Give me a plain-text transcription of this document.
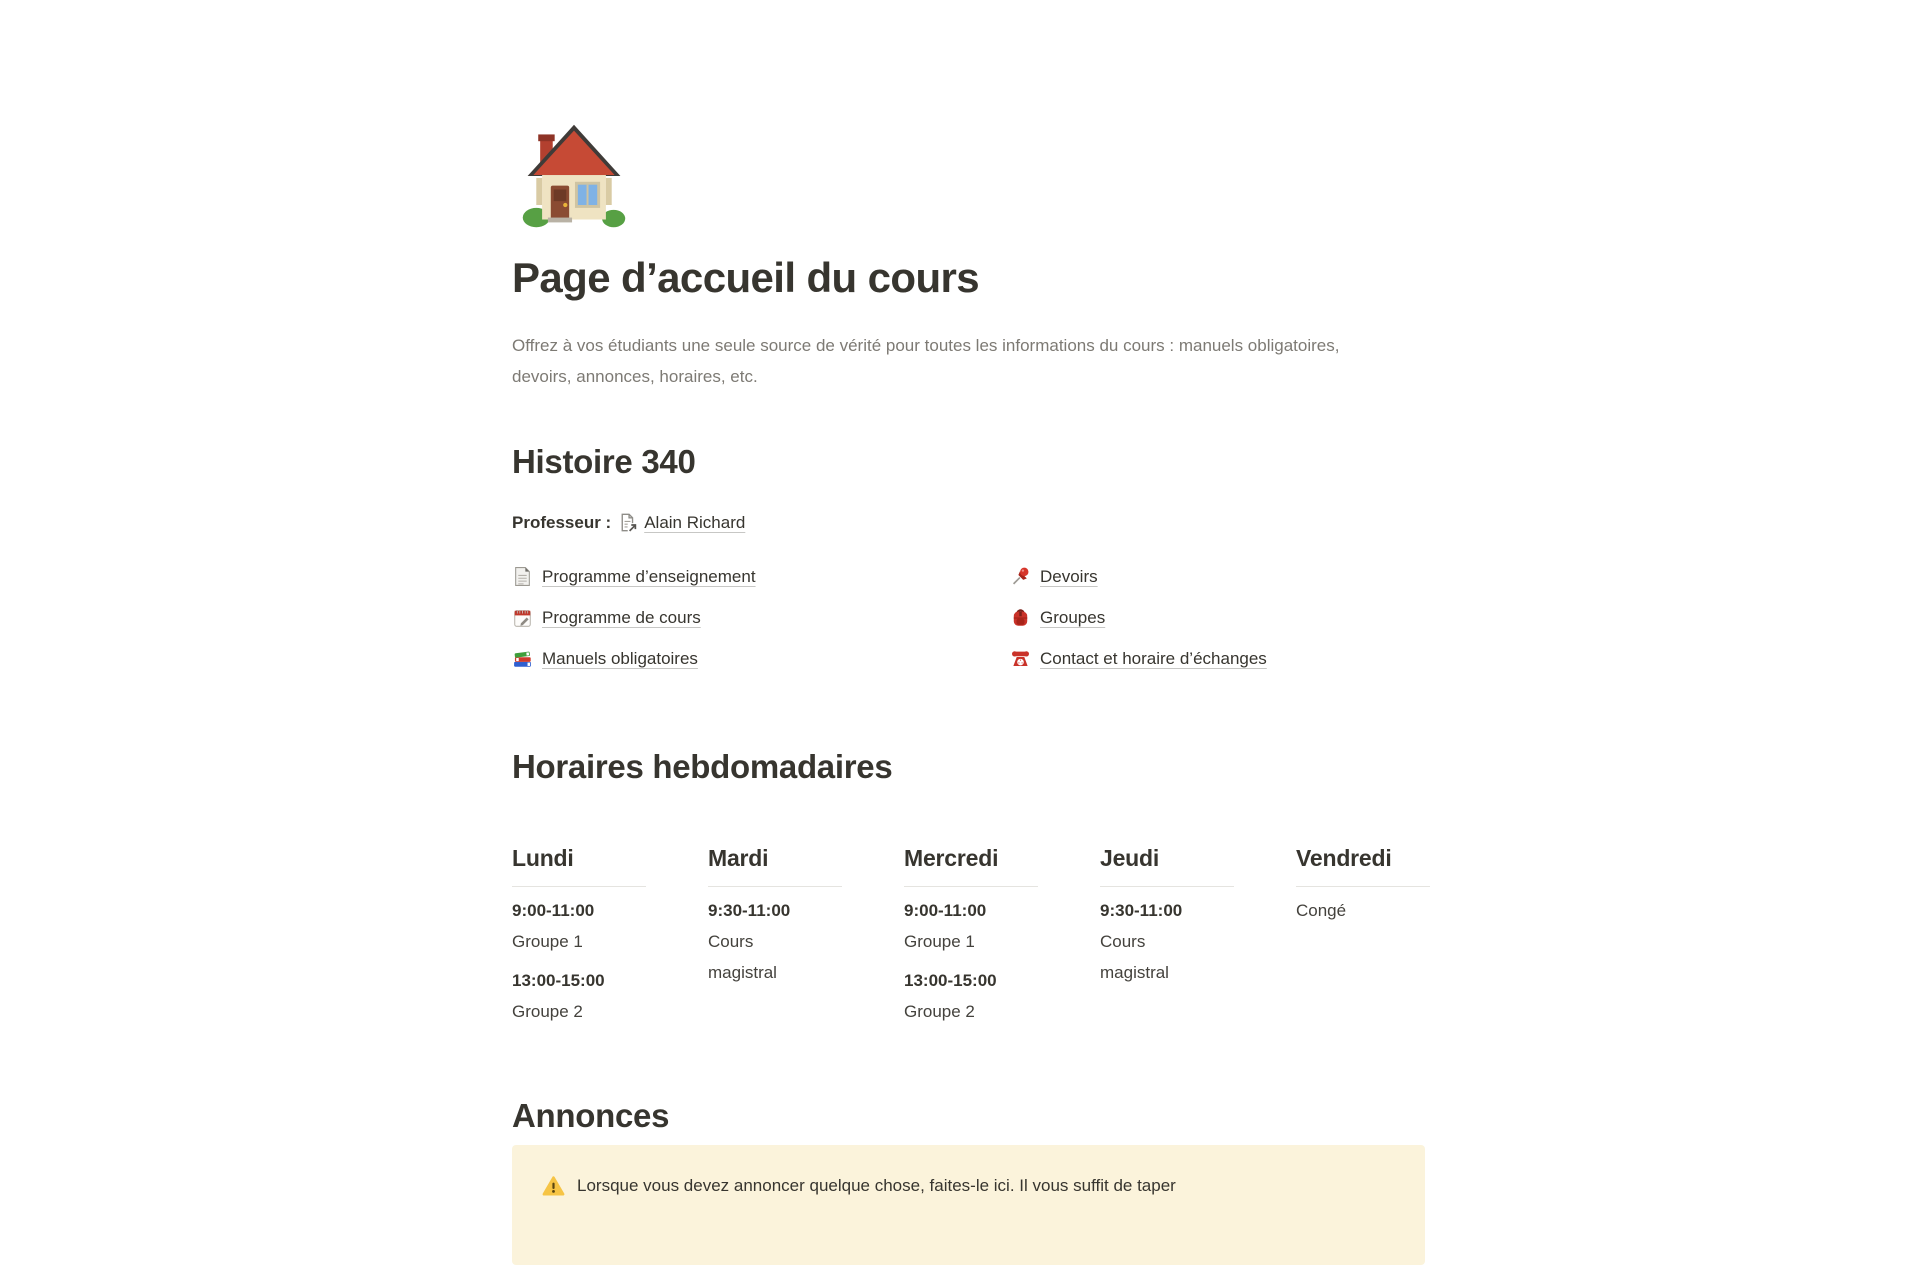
Page d’accueil du cours

Offrez à vos étudiants une seule source de vérité pour toutes les informations du cours : manuels obligatoires, devoirs, annonces, horaires, etc.

Histoire 340
Professeur : Alain Richard
Programme d’enseignement
Programme de cours
Manuels obligatoires
Devoirs
Groupes
Contact et horaire d’échanges
Horaires hebdomadaires
Lundi
9:00-11:00
Groupe 1
13:00-15:00
Groupe 2
Mardi
9:30-11:00
Cours magistral
Mercredi
9:00-11:00
Groupe 1
13:00-15:00
Groupe 2
Jeudi
9:30-11:00
Cours magistral
Vendredi
Congé
Annonces
Lorsque vous devez annoncer quelque chose, faites-le ici. Il vous suffit de taper
